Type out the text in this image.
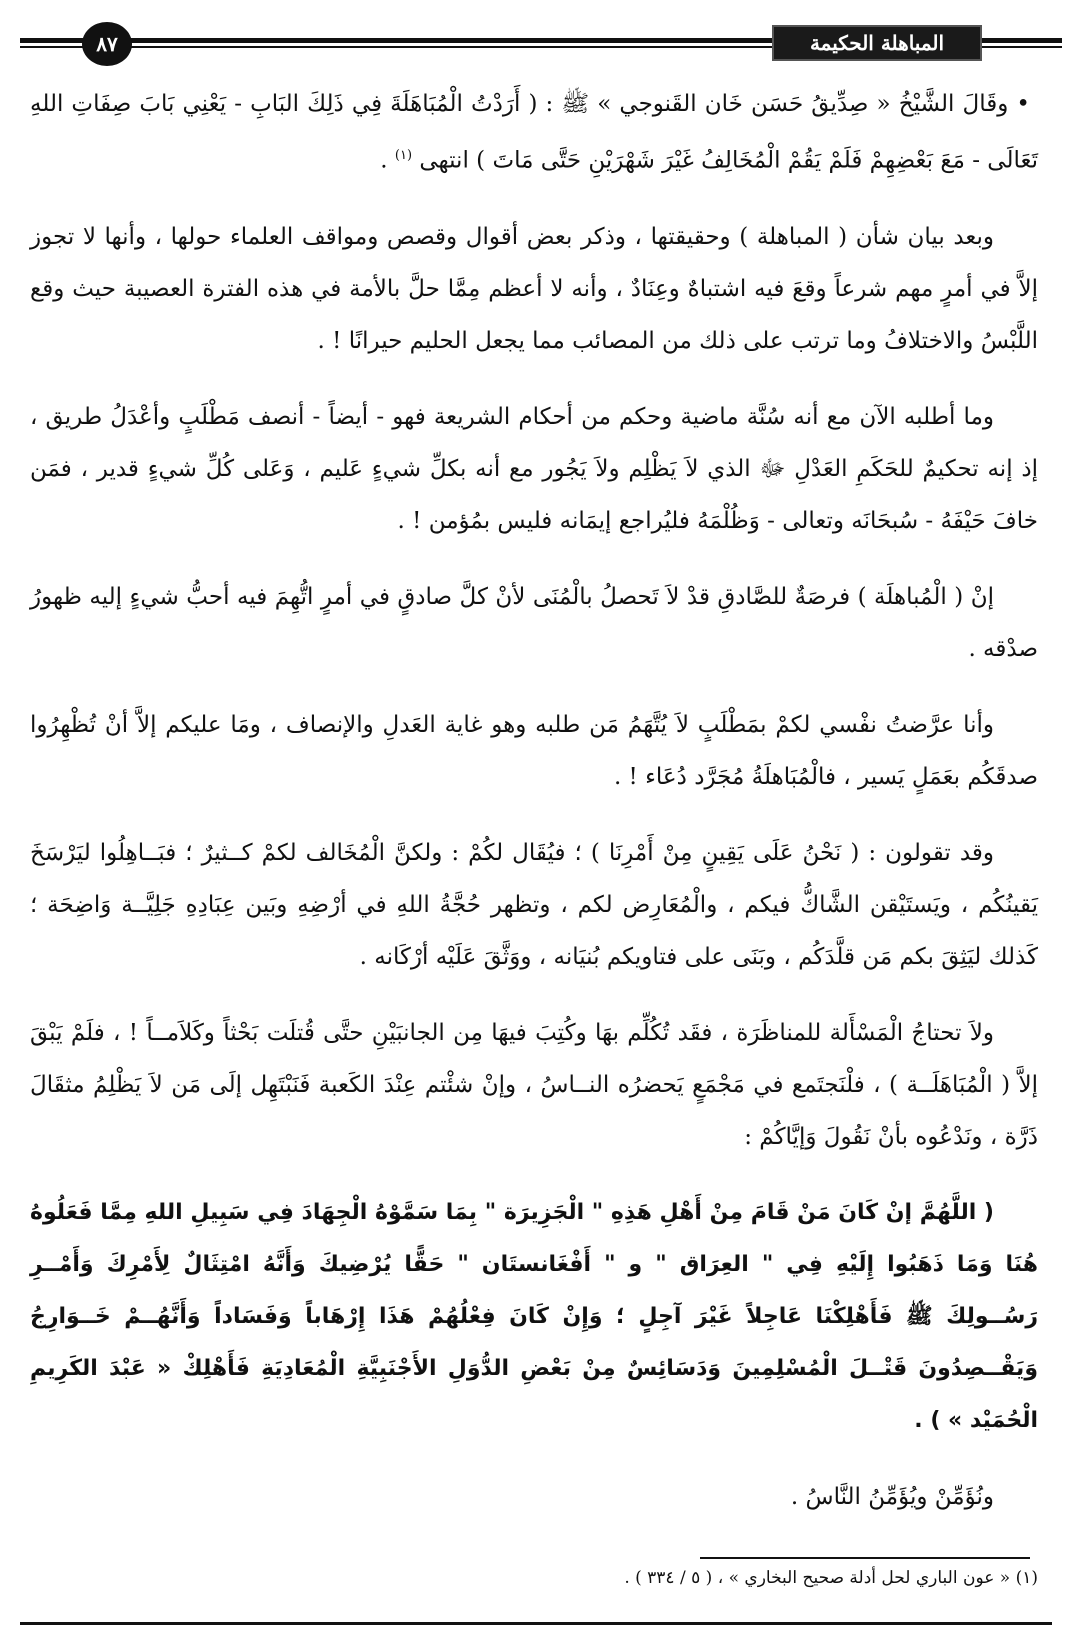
٨٧	المباهلة الحكيمة

• وقَالَ الشَّيْخُ « صِدِّيقُ حَسَن خَان القَنوجي » ﷺ : ( أَرَدْتُ الْمُبَاهَلَةَ فِي ذَلِكَ البَابِ - يَعْنِي بَابَ صِفَاتِ اللهِ تَعَالَى - مَعَ بَعْضِهِمْ فَلَمْ يَقُمْ الْمُخَالِفُ غَيْرَ شَهْرَيْنِ حَتَّى مَاتَ ) انتهى $^{(١)}$ .

وبعد بيان شأن ( المباهلة ) وحقيقتها ، وذكر بعض أقوال وقصص ومواقف العلماء حولها ، وأنها لا تجوز إلاَّ في أمرٍ مهم شرعاً وقعَ فيه اشتباهٌ وعِنَادٌ ، وأنه لا أعظم مِمَّا حلَّ بالأمة في هذه الفترة العصيبة حيث وقع اللَّبْسُ والاختلافُ وما ترتب على ذلك من المصائب مما يجعل الحليم حيرانًا ! .

وما أطلبه الآن مع أنه سُنَّة ماضية وحكم من أحكام الشريعة فهو - أيضاً - أنصف مَطْلَبٍ وأعْدَلُ طريق ، إذ إنه تحكيمٌ للحَكَمِ العَدْلِ ﷻ الذي لاَ يَظْلِم ولاَ يَجُور مع أنه بكلِّ شيءٍ عَليم ، وَعَلى كُلِّ شيءٍ قدير ، فمَن خافَ حَيْفَهُ - سُبحَانَه وتعالى - وَظُلْمَهُ فليُراجع إيمَانه فليس بمُؤمن ! .

إنْ ( الْمُباهلَة ) فرصَةٌ للصَّادقِ قدْ لاَ تَحصلُ بالْمُنَى لأنْ كلَّ صادقٍ في أمرٍ اتُّهِمَ فيه أحبُّ شيءٍ إليه ظهورُ صدْقه .

وأنا عرَّضتُ نفْسي لكمْ بمَطْلَبٍ لاَ يُتَّهَمُ مَن طلبه وهو غاية العَدلِ والإنصاف ، ومَا عليكم إلاَّ أنْ تُظْهِرُوا صدقَكُم بعَمَلٍ يَسير ، فالْمُبَاهلَةُ مُجَرَّد دُعَاء ! .

وقد تقولون : ( نَحْنُ عَلَى يَقِينٍ مِنْ أَمْرِنَا ) ؛ فيُقَال لكُمْ : ولكنَّ الْمُخَالف لكمْ كــثيرٌ ؛ فبَــاهِلُوا ليَرْسَخَ يَقينُكُم ، ويَستَيْقن الشَّاكُّ فيكم ، والْمُعَارِض لكم ، وتظهر حُجَّةُ اللهِ في أرْضِهِ وبَين عِبَادِهِ جَلِيَّــة وَاضِحَة ؛ كَذلك ليَثِقَ بكم مَن قلَّدَكُم ، وبَنَى على فتاويكم بُنيَانه ، ووَثَّقَ عَلَيْه أرْكَانه .

ولاَ تحتاجُ الْمَسْأَلة للمناظَرَة ، فقَد تُكُلِّم بهَا وكُتِبَ فيهَا مِن الجانبَيْنِ حتَّى قُتلَت بَحْثاً وكَلاَمــاً ! ، فلَمْ يَبْقَ إلاَّ ( الْمُبَاهَلَــة ) ، فلْنَجتَمع في مَجْمَعٍ يَحضرُه النــاسُ ، وإنْ شئْتم عِنْدَ الكَعبة فَنَبْتَهِل إلَى مَن لاَ يَظْلِمُ مثقَالَ ذَرَّة ، ونَدْعُوه بأنْ نَقُولَ وَإيَّاكُمْ :

( اللَّهُمَّ إنْ كَانَ مَنْ قَامَ مِنْ أَهْلِ هَذِهِ " الْجَزِيرَة " بِمَا سَمَّوْهُ الْجِهَادَ فِي سَبِيلِ اللهِ مِمَّا فَعَلُوهُ هُنَا وَمَا ذَهَبُوا إِلَيْهِ فِي " العِرَاق " و " أَفْغَانستَان " حَقًّا يُرْضِيكَ وَأَنَّهُ امْتِثَالٌ لِأَمْرِكَ وَأَمْــرِ رَسُــولِكَ ﷺ فَأَهْلِكْنَا عَاجِلاً غَيْرَ آجِلٍ ؛ وَإِنْ كَانَ فِعْلُهُمْ هَذَا إِرْهَاباً وَفَسَاداً وَأَنَّهُــمْ خَــوَارِجُ وَيَقْــصِدُونَ قَتْــلَ الْمُسْلِمِينَ وَدَسَائِسٌ مِنْ بَعْضِ الدُّوَلِ الأَجْنَبِيَّةِ الْمُعَادِيَةِ فَأَهْلِكْ « عَبْدَ الكَرِيمِ الْحُمَيْد » ) .

ونُؤَمِّنْ ويُؤَمِّنُ النَّاسُ .

(١) « عون الباري لحل أدلة صحيح البخاري » ، ( ٥ / ٣٣٤ ) .
